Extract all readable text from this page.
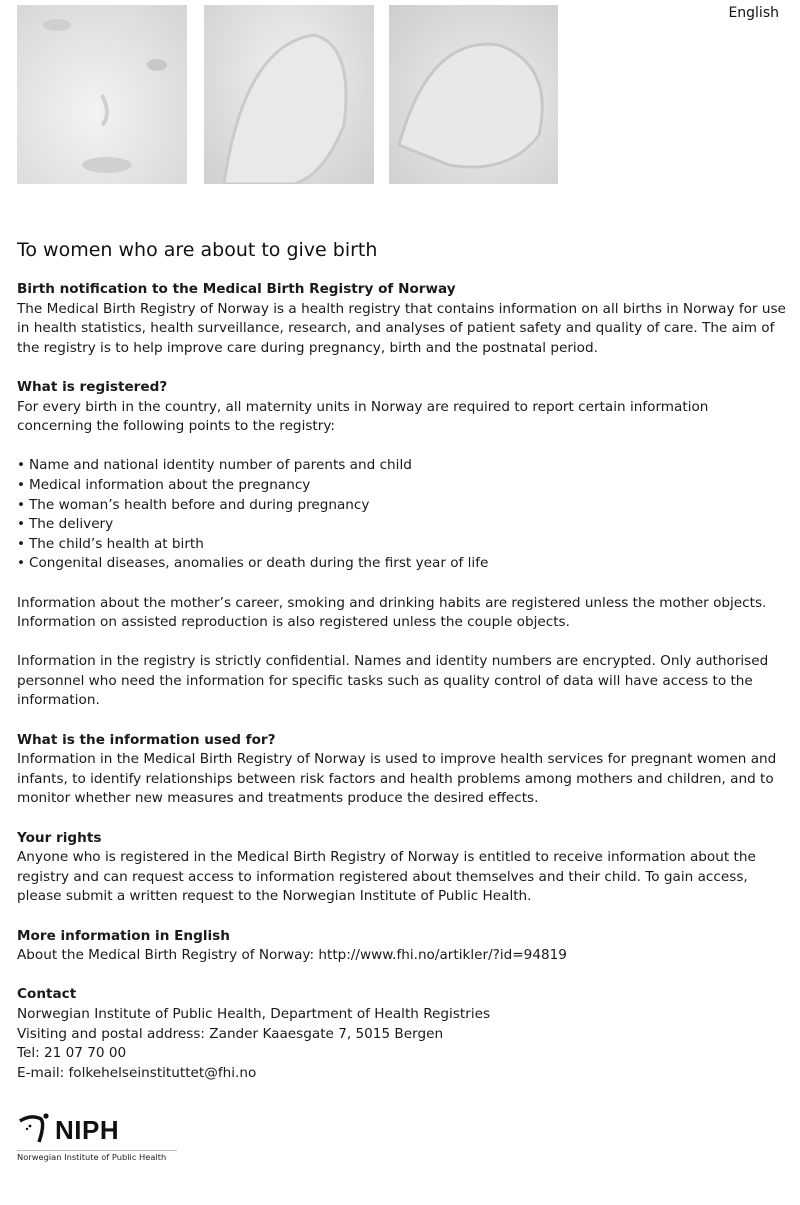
English
To women who are about to give birth
Birth notification to the Medical Birth Registry of Norway

The Medical Birth Registry of Norway is a health registry that contains information on all births in Norway for use in health statistics, health surveillance, research, and analyses of patient safety and quality of care. The aim of the registry is to help improve care during pregnancy, birth and the postnatal period.

What is registered?

For every birth in the country, all maternity units in Norway are required to report certain information concerning the following points to the registry:

• Name and national identity number of parents and child
• Medical information about the pregnancy
• The woman’s health before and during pregnancy
• The delivery
• The child’s health at birth
• Congenital diseases, anomalies or death during the first year of life

Information about the mother’s career, smoking and drinking habits are registered unless the mother objects. Information on assisted reproduction is also registered unless the couple objects.

Information in the registry is strictly confidential. Names and identity numbers are encrypted. Only authorised personnel who need the information for specific tasks such as quality control of data will have access to the information.

What is the information used for?

Information in the Medical Birth Registry of Norway is used to improve health services for pregnant women and infants, to identify relationships between risk factors and health problems among mothers and children, and to monitor whether new measures and treatments produce the desired effects.

Your rights

Anyone who is registered in the Medical Birth Registry of Norway is entitled to receive information about the registry and can request access to information registered about themselves and their child. To gain access, please submit a written request to the Norwegian Institute of Public Health.

More information in English

About the Medical Birth Registry of Norway: http://www.fhi.no/artikler/?id=94819

Contact
Norwegian Institute of Public Health, Department of Health Registries
Visiting and postal address: Zander Kaaesgate 7, 5015 Bergen
Tel: 21 07 70 00
E-mail: folkehelseinstituttet@fhi.no
NIPH
Norwegian Institute of Public Health
